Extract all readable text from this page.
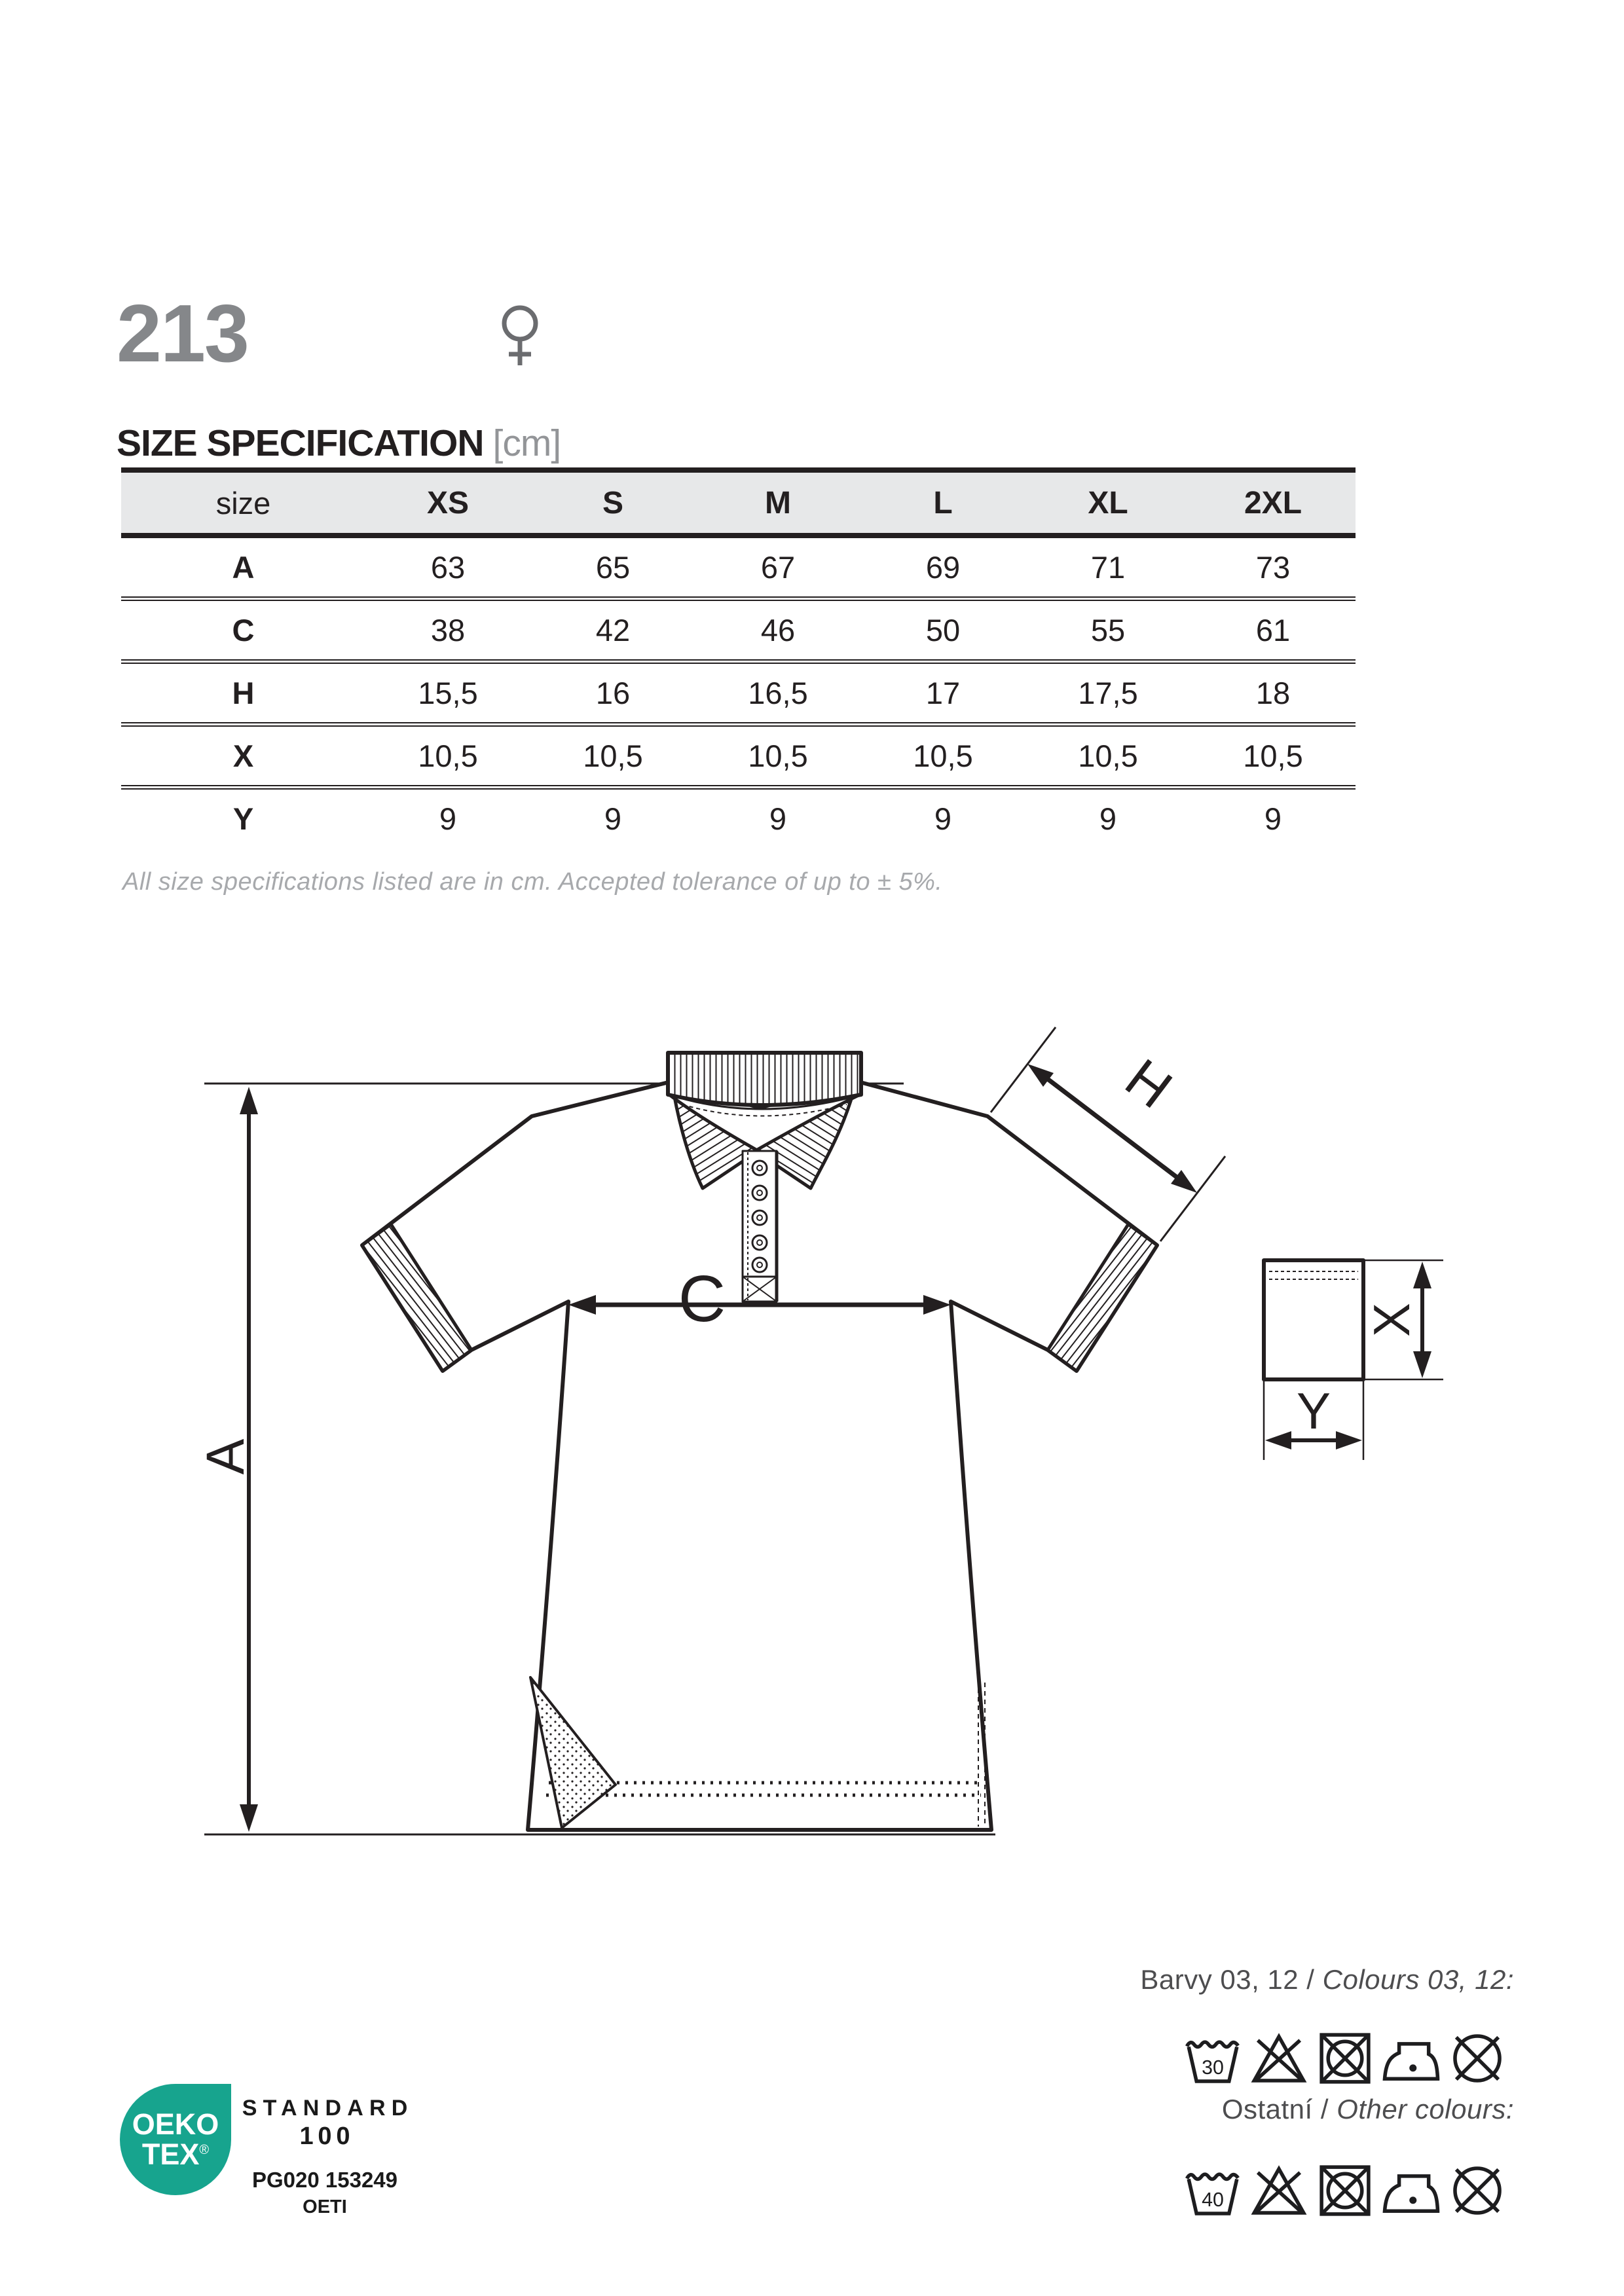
213
SIZE SPECIFICATION [cm]
size	XS	S	M	L	XL	2XL
A	63	65	67	69	71	73
C	38	42	46	50	55	61
H	15,5	16	16,5	17	17,5	18
X	10,5	10,5	10,5	10,5	10,5	10,5
Y	9	9	9	9	9	9
All size specifications listed are in cm. Accepted tolerance of up to ± 5%.
A
C
H
X
Y
Barvy 03, 12 / Colours 03, 12:
30
Ostatní / Other colours:
40
OEKO
TEX®
STANDARD
100
PG020 153249
OETI
